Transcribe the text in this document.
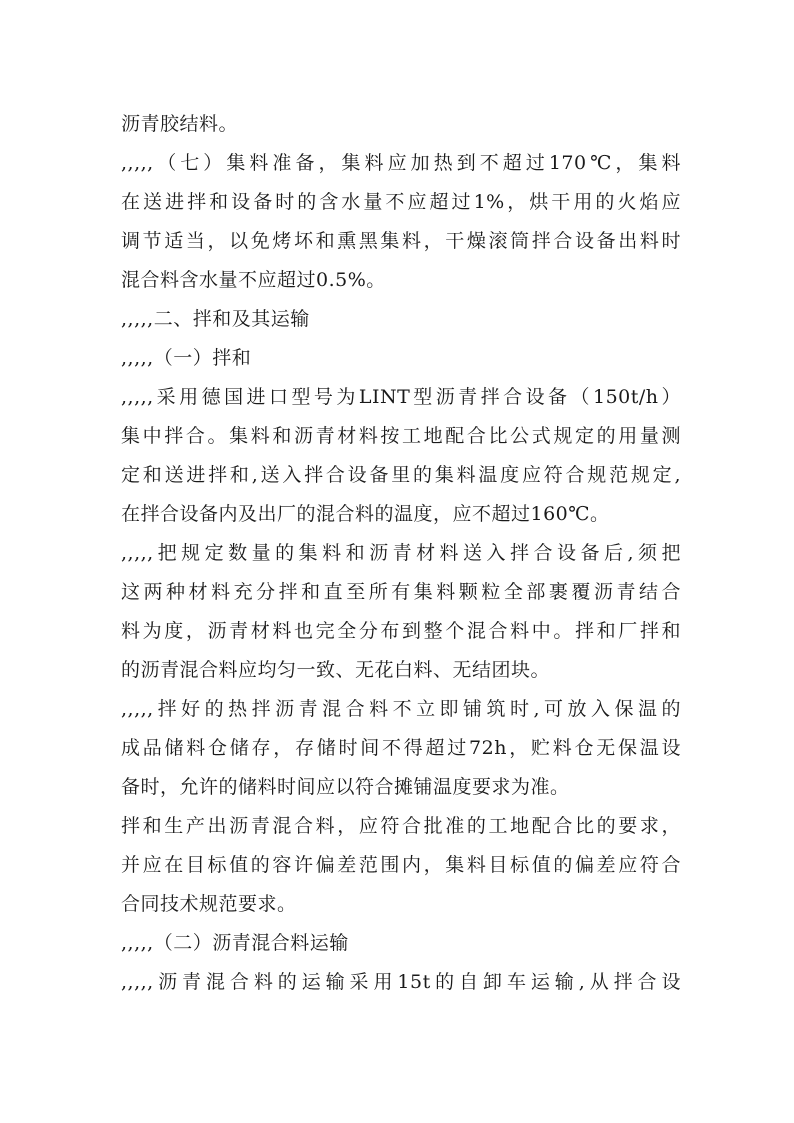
沥青胶结料。
,,,,,（七）集料准备，集料应加热到不超过170℃，集料
在送进拌和设备时的含水量不应超过1%，烘干用的火焰应
调节适当，以免烤坏和熏黑集料，干燥滚筒拌合设备出料时
混合料含水量不应超过0.5%。
,,,,,二、拌和及其运输
,,,,,（一）拌和
,,,,,采用德国进口型号为LINT型沥青拌合设备（150t/h）
集中拌合。集料和沥青材料按工地配合比公式规定的用量测
定和送进拌和,送入拌合设备里的集料温度应符合规范规定,
在拌合设备内及出厂的混合料的温度，应不超过160℃。
,,,,,把规定数量的集料和沥青材料送入拌合设备后,须把
这两种材料充分拌和直至所有集料颗粒全部裹覆沥青结合
料为度，沥青材料也完全分布到整个混合料中。拌和厂拌和
的沥青混合料应均匀一致、无花白料、无结团块。
,,,,,拌好的热拌沥青混合料不立即铺筑时,可放入保温的
成品储料仓储存，存储时间不得超过72h，贮料仓无保温设
备时，允许的储料时间应以符合摊铺温度要求为准。
拌和生产出沥青混合料，应符合批准的工地配合比的要求，
并应在目标值的容许偏差范围内，集料目标值的偏差应符合
合同技术规范要求。
,,,,,（二）沥青混合料运输
,,,,,沥青混合料的运输采用15t的自卸车运输,从拌合设
